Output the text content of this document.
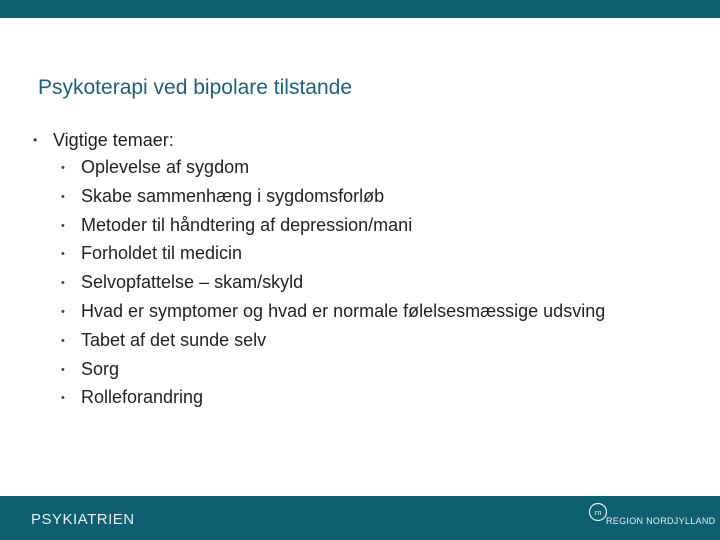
Psykoterapi ved bipolare tilstande
• Vigtige temaer:
• Oplevelse af sygdom
• Skabe sammenhæng i sygdomsforløb
• Metoder til håndtering af depression/mani
• Forholdet til medicin
• Selvopfattelse – skam/skyld
• Hvad er symptomer og hvad er normale følelsesmæssige udsving
• Tabet af det sunde selv
• Sorg
• Rolleforandring
PSYKIATRIEN	rn
REGION NORDJYLLAND
